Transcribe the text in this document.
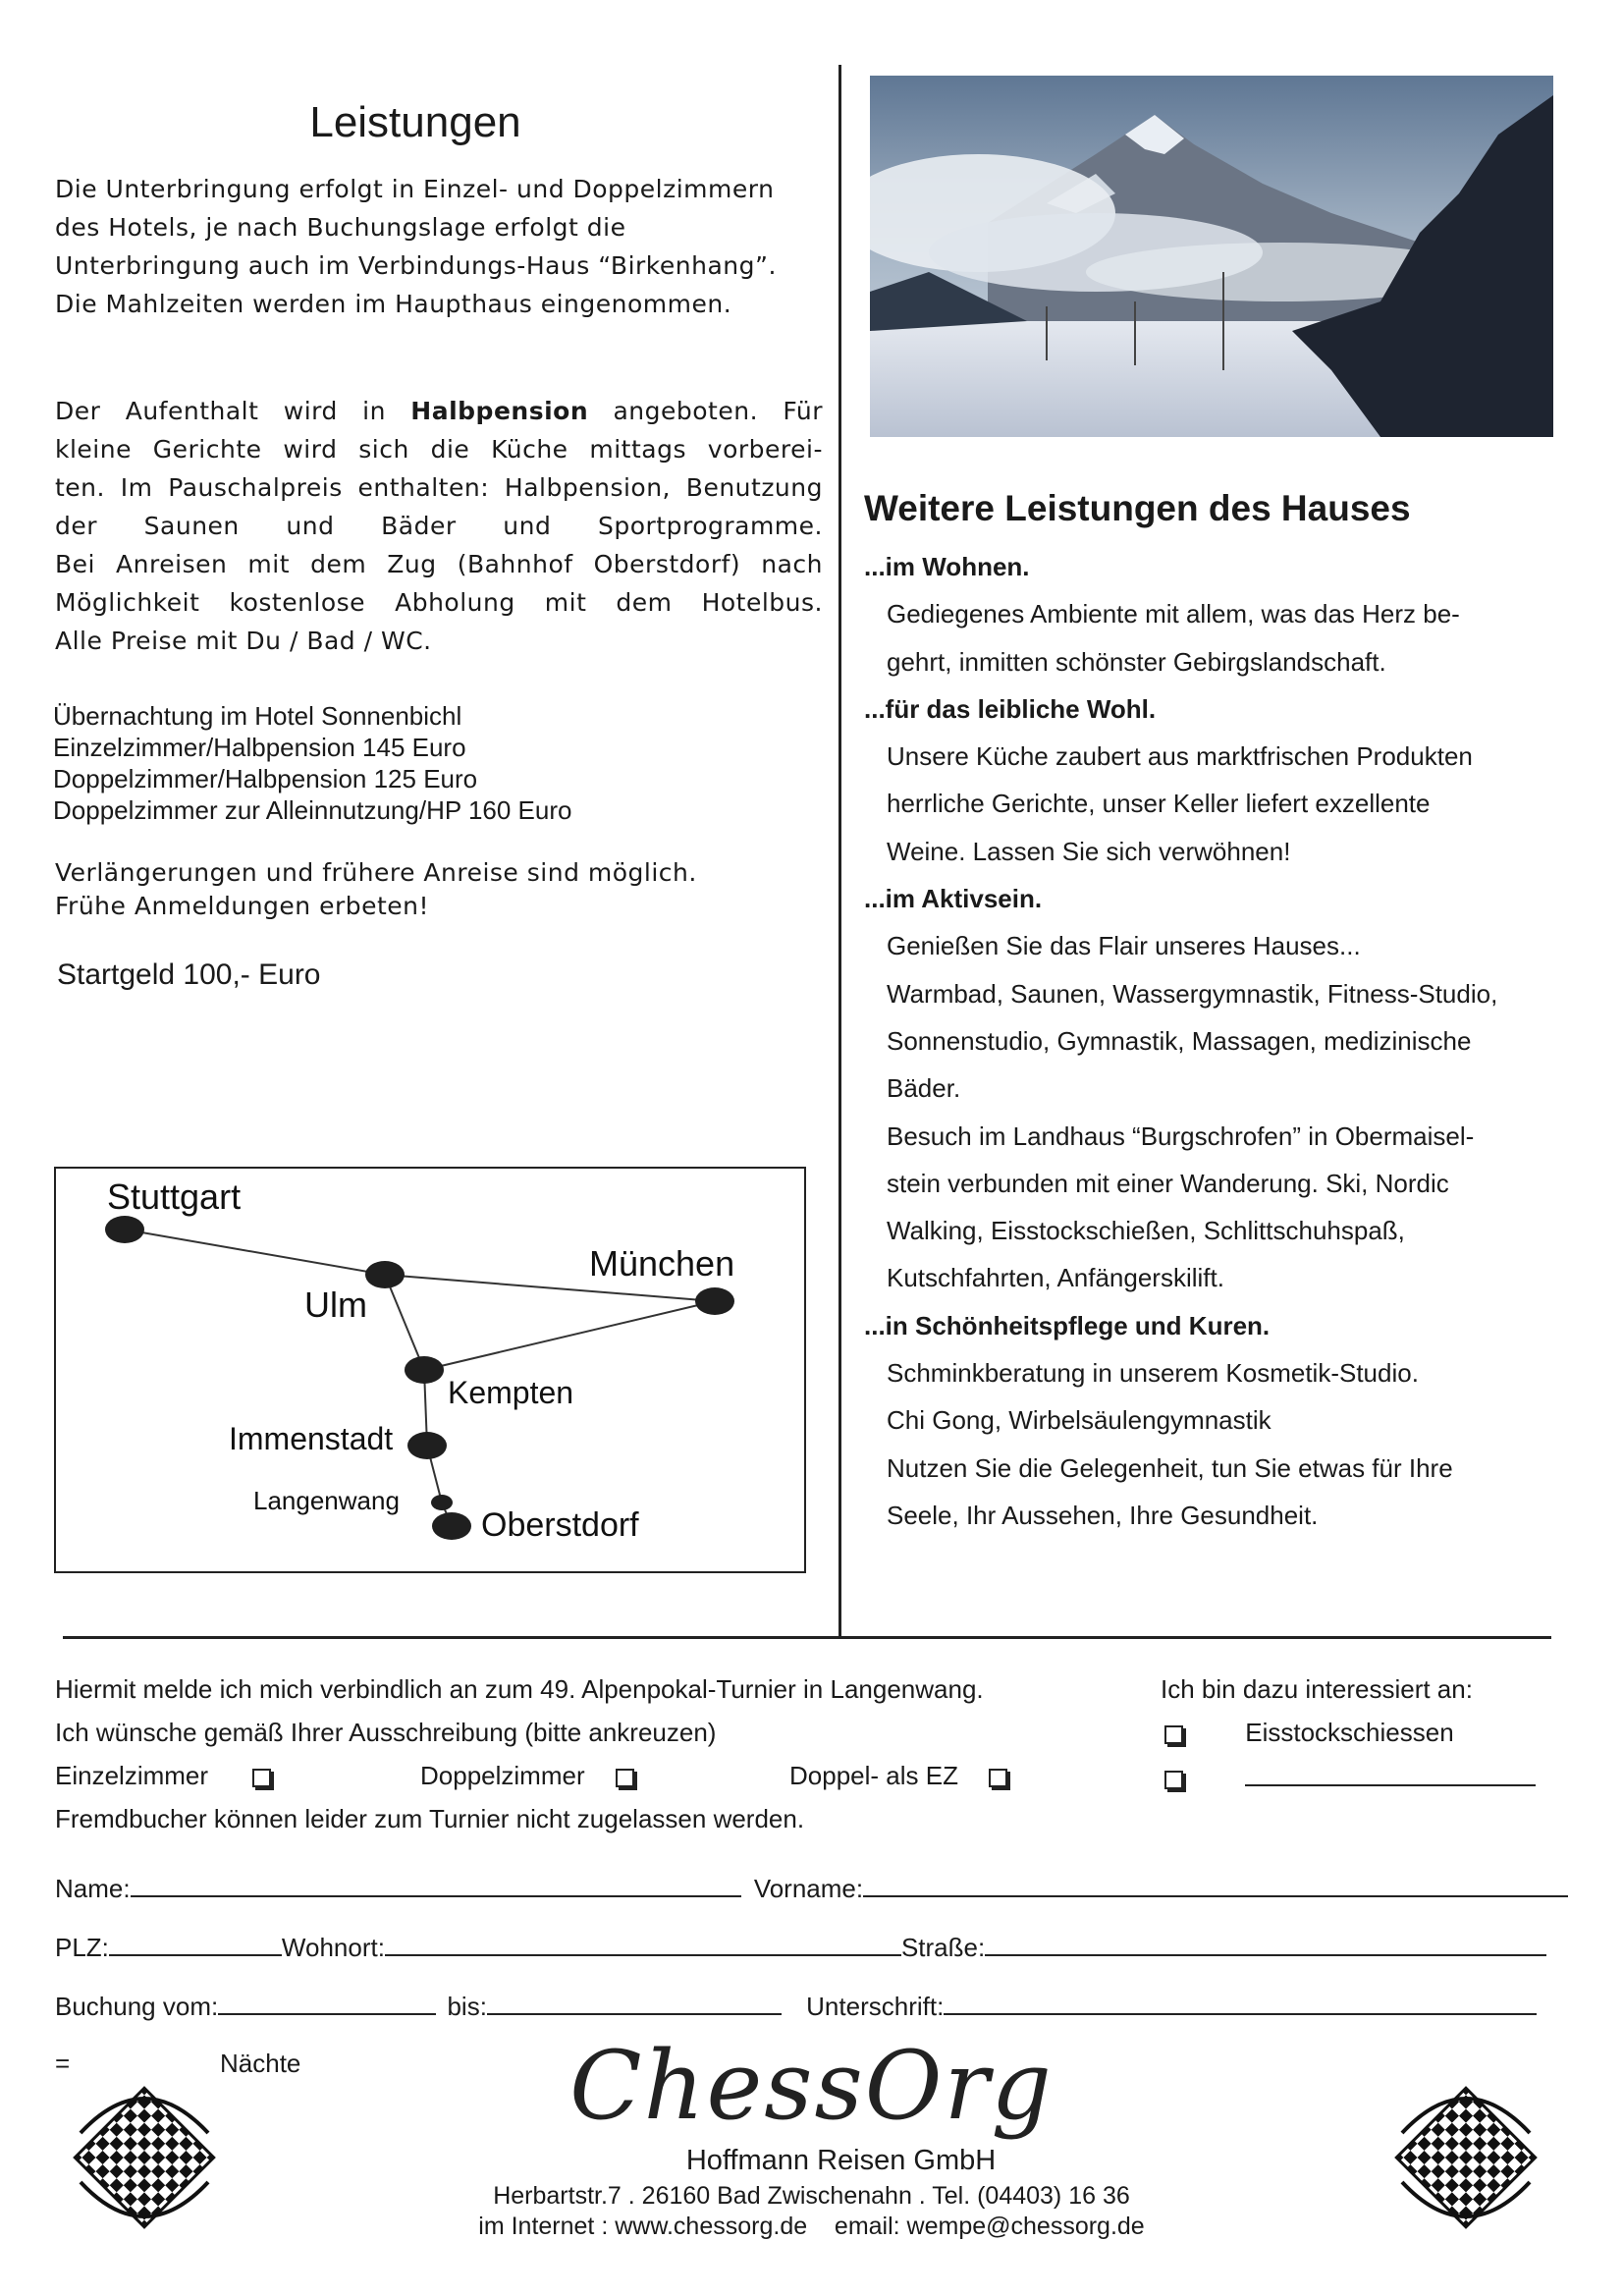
Leistungen
Die Unterbringung erfolgt in Einzel- und Doppelzimmern
des Hotels, je nach Buchungslage erfolgt die
Unterbringung auch im Verbindungs-Haus “Birkenhang”.
Die Mahlzeiten werden im Haupthaus eingenommen.
Der Aufenthalt wird in Halbpension angeboten. Für
kleine Gerichte wird sich die Küche mittags vorberei-
ten. Im Pauschalpreis enthalten: Halbpension, Benutzung
der Saunen und Bäder und Sportprogramme.
Bei Anreisen mit dem Zug (Bahnhof Oberstdorf) nach
Möglichkeit kostenlose Abholung mit dem Hotelbus.
Alle Preise mit Du / Bad / WC.
Übernachtung im Hotel Sonnenbichl
Einzelzimmer/Halbpension 145 Euro
Doppelzimmer/Halbpension 125 Euro
Doppelzimmer zur Alleinnutzung/HP 160 Euro
Verlängerungen und frühere Anreise sind möglich.
Frühe Anmeldungen erbeten!
Startgeld 100,- Euro
Stuttgart
Ulm
München
Kempten
Immenstadt
Langenwang
Oberstdorf
Weitere Leistungen des Hauses
...im Wohnen.
Gediegenes Ambiente mit allem, was das Herz be-
gehrt, inmitten schönster Gebirgslandschaft.
...für das leibliche Wohl.
Unsere Küche zaubert aus marktfrischen Produkten
herrliche Gerichte, unser Keller liefert exzellente
Weine. Lassen Sie sich verwöhnen!
...im Aktivsein.
Genießen Sie das Flair unseres Hauses...
Warmbad, Saunen, Wassergymnastik, Fitness-Studio,
Sonnenstudio, Gymnastik, Massagen, medizinische
Bäder.
Besuch im Landhaus “Burgschrofen” in Obermaisel-
stein verbunden mit einer Wanderung. Ski, Nordic
Walking, Eisstockschießen, Schlittschuhspaß,
Kutschfahrten, Anfängerskilift.
...in Schönheitspflege und Kuren.
Schminkberatung in unserem Kosmetik-Studio.
Chi Gong, Wirbelsäulengymnastik
Nutzen Sie die Gelegenheit, tun Sie etwas für Ihre
Seele, Ihr Aussehen, Ihre Gesundheit.
Hiermit melde ich mich verbindlich an zum 49. Alpenpokal-Turnier in Langenwang.
Ich wünsche gemäß Ihrer Ausschreibung (bitte ankreuzen)
Einzelzimmer	Doppelzimmer	Doppel- als EZ
Fremdbucher können leider zum Turnier nicht zugelassen werden.
Ich bin dazu interessiert an:
Eisstockschiessen

Name:	Vorname:
PLZ:	Wohnort:	Straße:
Buchung vom:	bis:	Unterschrift:
=	Nächte	ChessOrg
Hoffmann Reisen GmbH
Herbartstr.7 . 26160 Bad Zwischenahn . Tel. (04403) 16 36
im Internet : www.chessorg.de    email: wempe@chessorg.de
